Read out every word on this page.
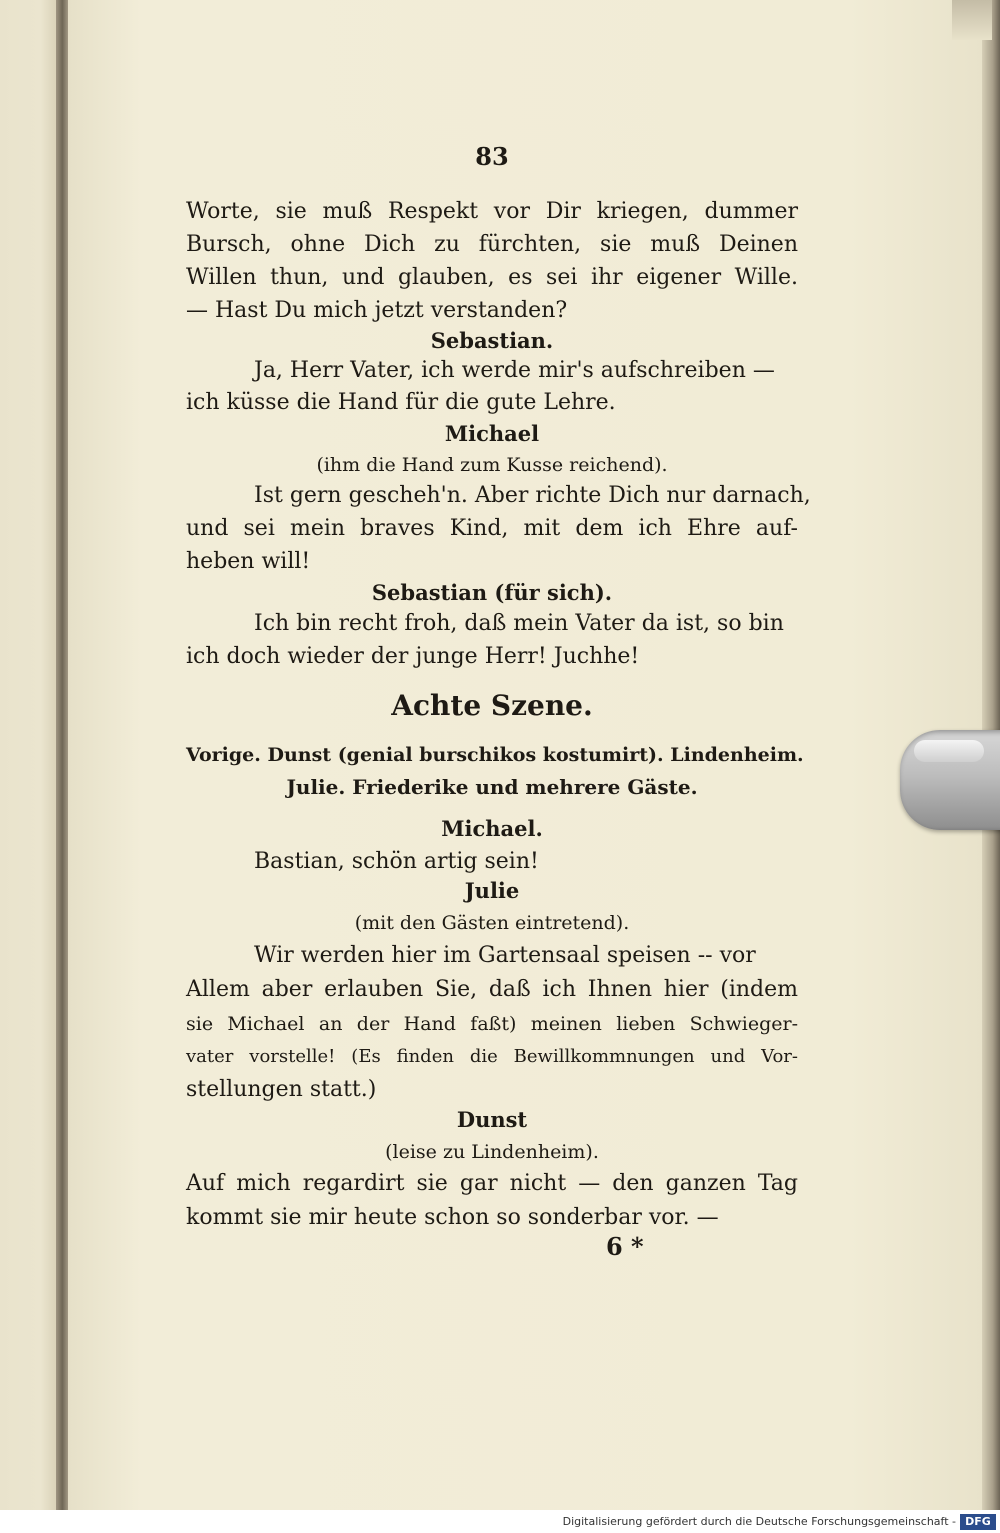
83
Worte, sie muß Respekt vor Dir kriegen, dummer
Bursch, ohne Dich zu fürchten, sie muß Deinen
Willen thun, und glauben, es sei ihr eigener Wille.
— Hast Du mich jetzt verstanden?
Sebastian.
Ja, Herr Vater, ich werde mir's aufschreiben —
ich küsse die Hand für die gute Lehre.
Michael
(ihm die Hand zum Kusse reichend).
Ist gern gescheh'n. Aber richte Dich nur darnach,
und sei mein braves Kind, mit dem ich Ehre auf-
heben will!
Sebastian (für sich).
Ich bin recht froh, daß mein Vater da ist, so bin
ich doch wieder der junge Herr! Juchhe!
Achte Szene.
Vorige. Dunst (genial burschikos kostumirt). Lindenheim.
Julie. Friederike und mehrere Gäste.
Michael.
Bastian, schön artig sein!
Julie
(mit den Gästen eintretend).
Wir werden hier im Gartensaal speisen -- vor
Allem aber erlauben Sie, daß ich Ihnen hier (indem
sie Michael an der Hand faßt) meinen lieben Schwieger-
vater vorstelle! (Es finden die Bewillkommnungen und Vor-
stellungen statt.)
Dunst
(leise zu Lindenheim).
Auf mich regardirt sie gar nicht — den ganzen Tag
kommt sie mir heute schon so sonderbar vor. —
6 *
Digitalisierung gefördert durch die Deutsche Forschungsgemeinschaft - DFG
